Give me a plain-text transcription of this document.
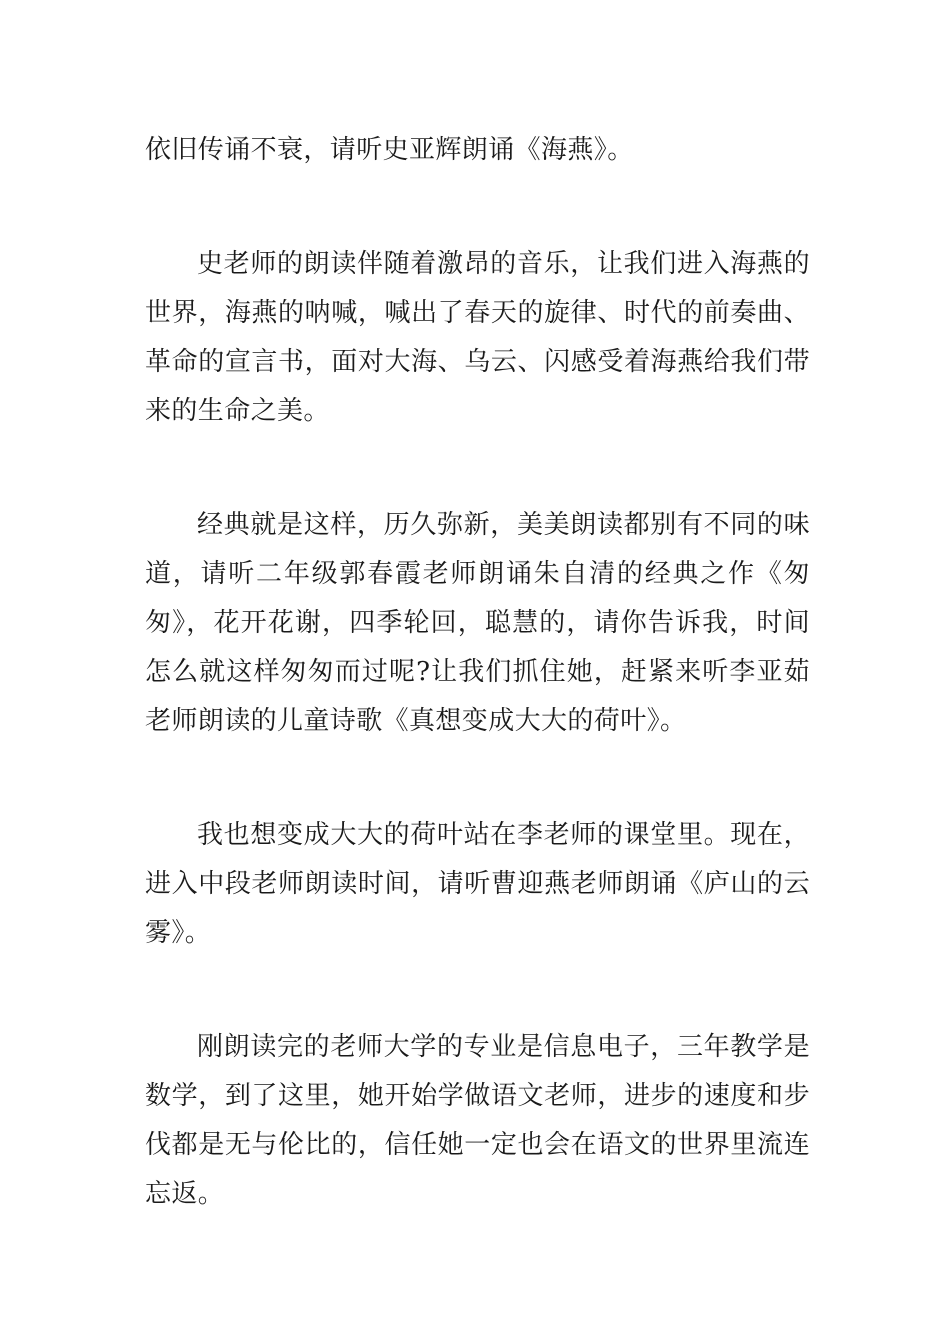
依旧传诵不衰，请听史亚辉朗诵《海燕》。

史老师的朗读伴随着激昂的音乐，让我们进入海燕的世界，海燕的呐喊，喊出了春天的旋律、时代的前奏曲、革命的宣言书，面对大海、乌云、闪感受着海燕给我们带来的生命之美。

经典就是这样，历久弥新，美美朗读都别有不同的味道，请听二年级郭春霞老师朗诵朱自清的经典之作《匆匆》，花开花谢，四季轮回，聪慧的，请你告诉我，时间怎么就这样匆匆而过呢?让我们抓住她，赶紧来听李亚茹老师朗读的儿童诗歌《真想变成大大的荷叶》。

我也想变成大大的荷叶站在李老师的课堂里。现在，进入中段老师朗读时间，请听曹迎燕老师朗诵《庐山的云雾》。

刚朗读完的老师大学的专业是信息电子，三年教学是数学，到了这里，她开始学做语文老师，进步的速度和步伐都是无与伦比的，信任她一定也会在语文的世界里流连忘返。
